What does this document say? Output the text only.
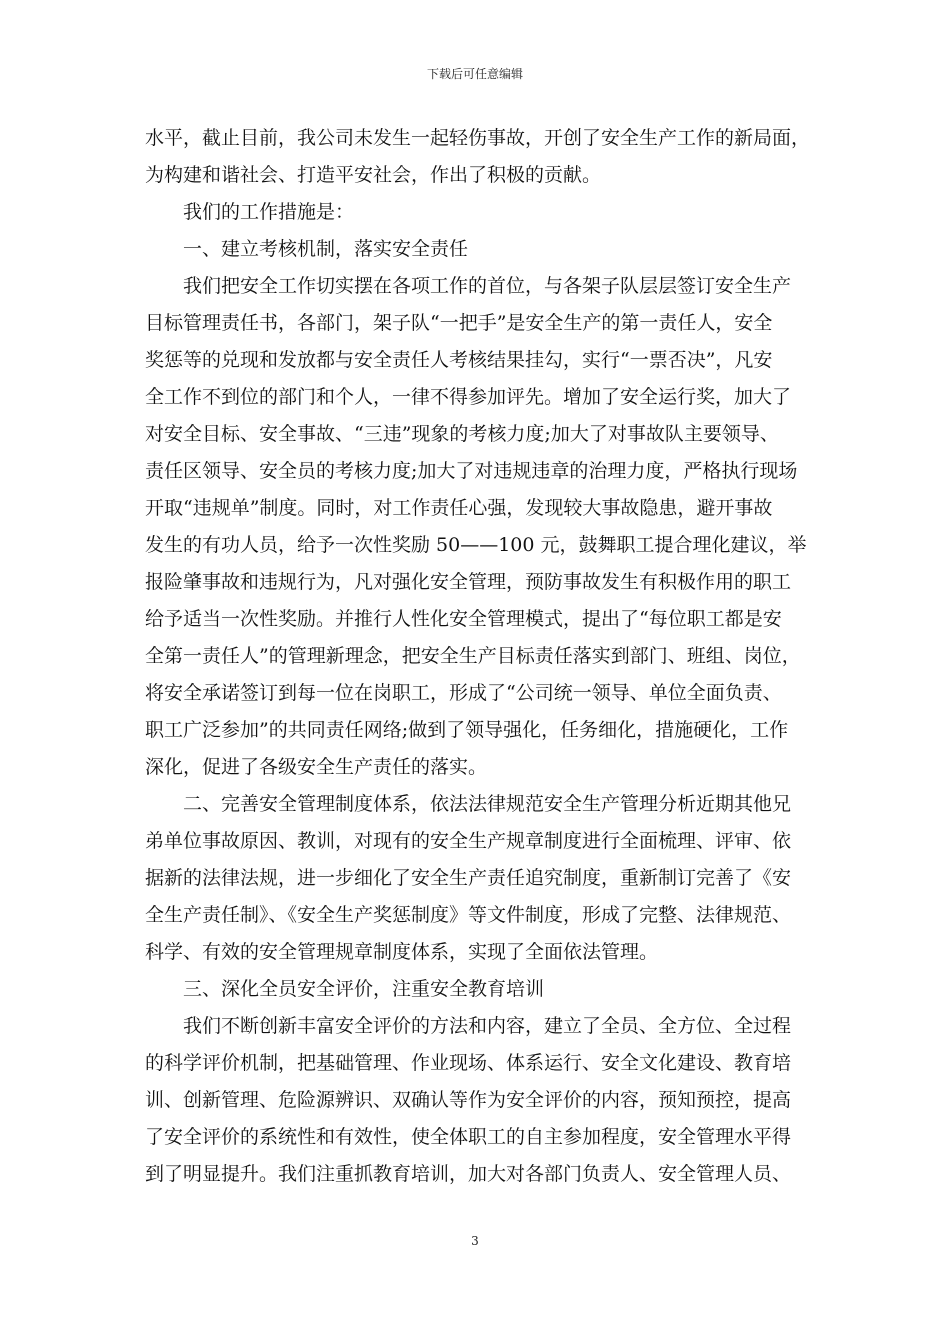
下载后可任意编辑
水平，截止目前，我公司未发生一起轻伤事故，开创了安全生产工作的新局面，
为构建和谐社会、打造平安社会，作出了积极的贡献。
我们的工作措施是：
一、建立考核机制，落实安全责任
我们把安全工作切实摆在各项工作的首位，与各架子队层层签订安全生产
目标管理责任书，各部门，架子队“一把手”是安全生产的第一责任人，安全
奖惩等的兑现和发放都与安全责任人考核结果挂勾，实行“一票否决”，凡安
全工作不到位的部门和个人，一律不得参加评先。增加了安全运行奖，加大了
对安全目标、安全事故、“三违”现象的考核力度;加大了对事故队主要领导、
责任区领导、安全员的考核力度;加大了对违规违章的治理力度，严格执行现场
开取“违规单”制度。同时，对工作责任心强，发现较大事故隐患，避开事故
发生的有功人员，给予一次性奖励 50——100 元，鼓舞职工提合理化建议，举
报险肇事故和违规行为，凡对强化安全管理，预防事故发生有积极作用的职工
给予适当一次性奖励。并推行人性化安全管理模式，提出了“每位职工都是安
全第一责任人”的管理新理念，把安全生产目标责任落实到部门、班组、岗位，
将安全承诺签订到每一位在岗职工，形成了“公司统一领导、单位全面负责、
职工广泛参加”的共同责任网络;做到了领导强化，任务细化，措施硬化，工作
深化，促进了各级安全生产责任的落实。
二、完善安全管理制度体系，依法法律规范安全生产管理分析近期其他兄
弟单位事故原因、教训，对现有的安全生产规章制度进行全面梳理、评审、依
据新的法律法规，进一步细化了安全生产责任追究制度，重新制订完善了《安
全生产责任制》、《安全生产奖惩制度》等文件制度，形成了完整、法律规范、
科学、有效的安全管理规章制度体系，实现了全面依法管理。
三、深化全员安全评价，注重安全教育培训
我们不断创新丰富安全评价的方法和内容，建立了全员、全方位、全过程
的科学评价机制，把基础管理、作业现场、体系运行、安全文化建设、教育培
训、创新管理、危险源辨识、双确认等作为安全评价的内容，预知预控，提高
了安全评价的系统性和有效性，使全体职工的自主参加程度，安全管理水平得
到了明显提升。我们注重抓教育培训，加大对各部门负责人、安全管理人员、
3
